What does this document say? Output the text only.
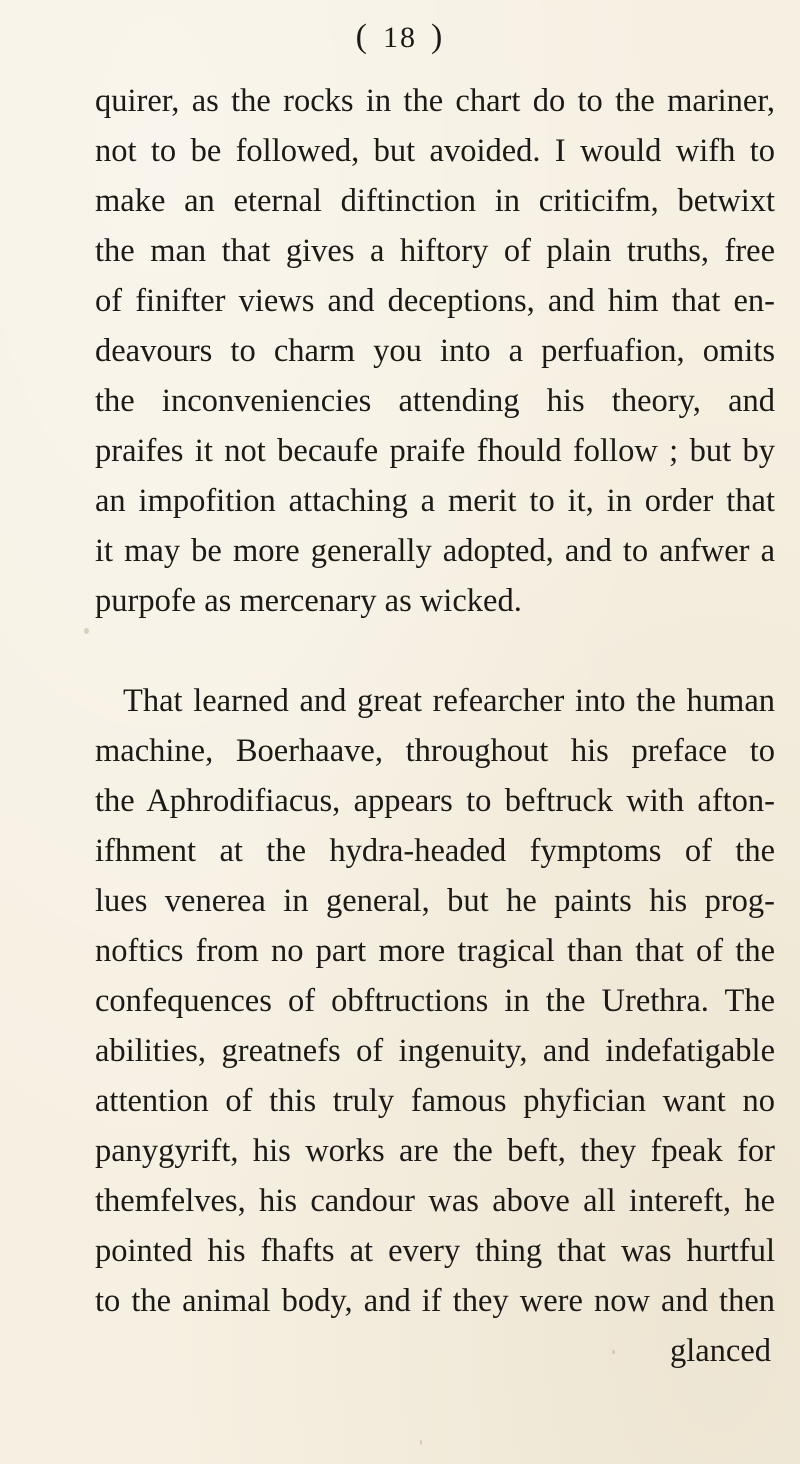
( 18 )
quirer, as the rocks in the chart do to the mariner,
not to be followed, but avoided. I would wifh to
make an eternal diftinction in criticifm, betwixt
the man that gives a hiftory of plain truths, free
of finifter views and deceptions, and him that en-
deavours to charm you into a perfuafion, omits
the inconveniencies attending his theory, and
praifes it not becaufe praife fhould follow ; but by
an impofition attaching a merit to it, in order that
it may be more generally adopted, and to anfwer a
purpofe as mercenary as wicked.
That learned and great refearcher into the human
machine, Boerhaave, throughout his preface to
the Aphrodifiacus, appears to beftruck with afton-
ifhment at the hydra-headed fymptoms of the
lues venerea in general, but he paints his prog-
noftics from no part more tragical than that of the
confequences of obftructions in the Urethra. The
abilities, greatnefs of ingenuity, and indefatigable
attention of this truly famous phyfician want no
panygyrift, his works are the beft, they fpeak for
themfelves, his candour was above all intereft, he
pointed his fhafts at every thing that was hurtful
to the animal body, and if they were now and then
glanced
